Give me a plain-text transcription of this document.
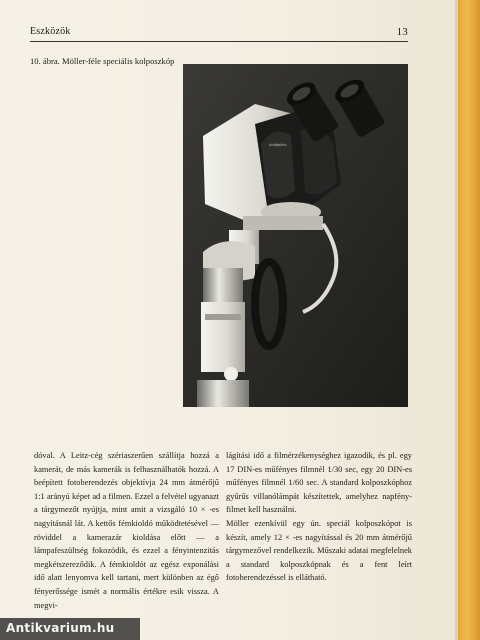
Eszközök	13
10. ábra. Möller-féle speciális kolposzkóp
Anläbjekthv

dóval. A Leitz-cég szériaszerűen szállítja hozzá a kamerát, de más kamerák is felhasználhatók hozzá. A beépített fotoberendezés objektívja 24 mm átmérőjű 1:1 arányú képet ad a filmen. Ezzel a felvétel ugyanazt a tárgymezőt nyújtja, mint amit a vizsgáló 10 × -es nagyításnál lát. A kettős fémkioldó működtetésével — röviddel a kamerazár kioldása előtt — a lámpafeszültség fokozódik, és ezzel a fényintenzitás megkétszereződik. A fémkioldót az egész exponálási idő alatt lenyomva kell tartani, mert különben az égő fényerőssége ismét a normális értékre esik vissza. A megvi-

lágítási idő a filmérzékenységhez igazodik, és pl. egy 17 DIN-es műfényes filmnél 1/30 sec, egy 20 DIN-es műfényes filmnél 1/60 sec. A standard kolposzkóphoz gyűrűs villanólámpát készítettek, amelyhez napfény-filmet kell használni.

Möller ezenkívül egy ún. speciál kolposzkópot is készít, amely 12 × -es nagyítással és 20 mm átmérőjű tárgymezővel rendelkezik. Műszaki adatai megfelelnek a standard kolposzkópnak és a fent leírt fotoberendezéssel is ellátható.

Antikvarium.hu
